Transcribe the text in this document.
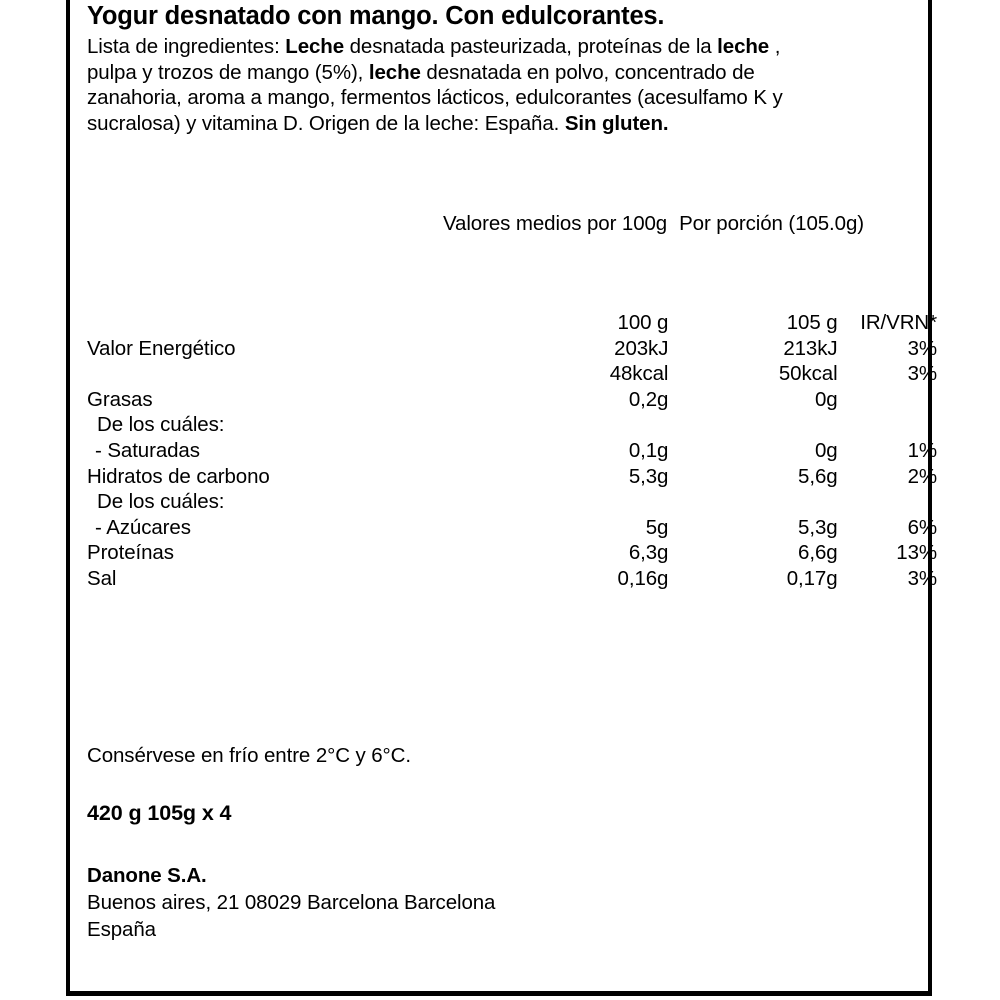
Yogur desnatado con mango. Con edulcorantes.
Lista de ingredientes: Leche desnatada pasteurizada, proteínas de la leche ,
pulpa y trozos de mango (5%), leche desnatada en polvo, concentrado de
zanahoria, aroma a mango, fermentos lácticos, edulcorantes (acesulfamo K y
sucralosa) y vitamina D. Origen de la leche: España. Sin gluten.
Valores medios por 100g Por porción (105.0g)
	100 g	105 g	IR/VRN*
Valor Energético	203kJ	213kJ	3%
	48kcal	50kcal	3%
Grasas	0,2g	0g	
De los cuáles:			
- Saturadas	0,1g	0g	1%
Hidratos de carbono	5,3g	5,6g	2%
De los cuáles:			
- Azúcares	5g	5,3g	6%
Proteínas	6,3g	6,6g	13%
Sal	0,16g	0,17g	3%
Consérvese en frío entre 2°C y 6°C.
420 g 105g x 4
Danone S.A.
Buenos aires, 21 08029 Barcelona Barcelona
España
